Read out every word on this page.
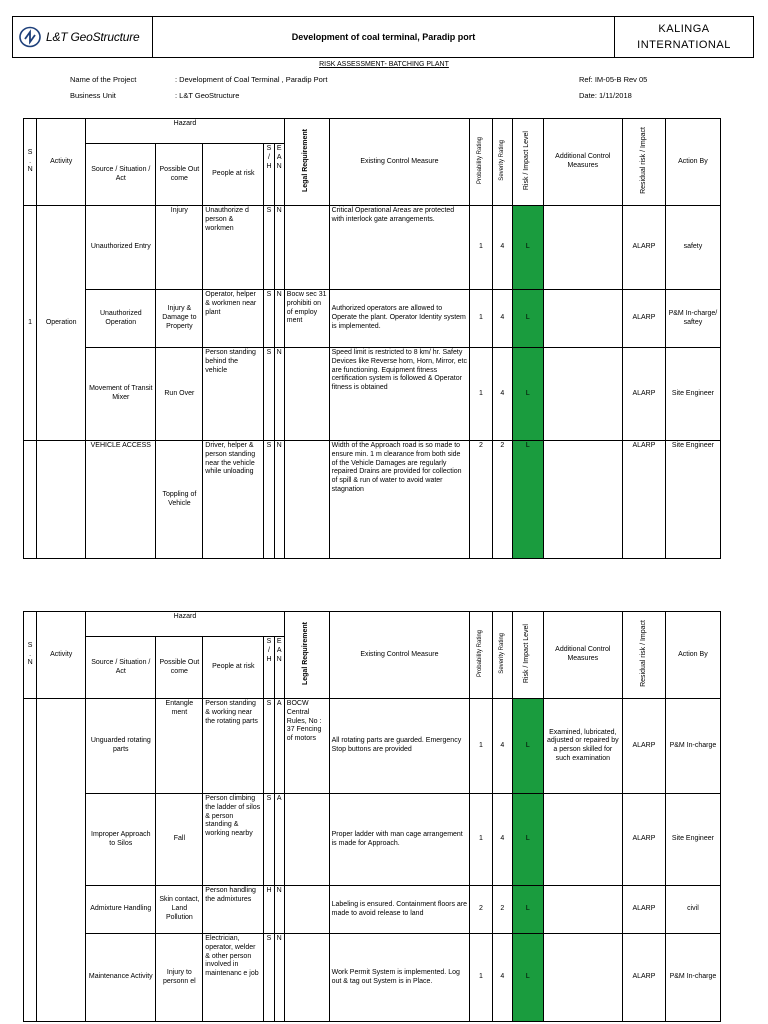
L&T GeoStructure	Development of coal terminal, Paradip port
KALINGA
INTERNATIONAL
RISK ASSESSMENT- BATCHING PLANT
Name of the Project	: Development of Coal Terminal , Paradip Port
Business Unit	: L&T GeoStructure
Ref: IM-05-B Rev 05
Date: 1/11/2018
S . N	Activity	Hazard					Legal Requirement	Existing Control Measure	Probability Rating	Severity Rating	Risk / Impact Level	Additional Control Measures	Residual risk / Impact	Action By
		Source / Situation / Act	Possible Out come	People at risk	S / H	E A N								
1	Operation	Unauthorized Entry	Injury	Unauthorize d person & workmen	S	N		Critical Operational Areas are protected with interlock gate arrangements.	1	4	L		ALARP	safety
		Unauthorized Operation	Injury & Damage to Property	Operator, helper & workmen near plant	S	N	Bocw sec 31 prohibiti on of employ ment	Authorized operators are allowed to Operate the plant. Operator Identity system is implemented.	1	4	L		ALARP	P&M In-charge/ saftey
		Movement of Transit Mixer	Run Over	Person standing behind the vehicle	S	N		Speed limit is restricted to 8 km/ hr. Safety Devices like Reverse horn, Horn, Mirror, etc are functioning. Equipment fitness certification system is followed & Operator fitness is obtained	1	4	L		ALARP	Site Engineer
		VEHICLE ACCESS	Toppling of Vehicle	Driver, helper & person standing near the vehicle while unloading	S	N		Width of the Approach road is so made to ensure min. 1 m clearance from both side of the Vehicle Damages are regularly repaired Drains are provided for collection of spill & run of water to avoid water stagnation	2	2	L		ALARP	Site Engineer
S . N	Activity	Hazard					Legal Requirement	Existing Control Measure	Probability Rating	Severity Rating	Risk / Impact Level	Additional Control Measures	Residual risk / Impact	Action By
		Source / Situation / Act	Possible Out come	People at risk	S / H	E A N								
		Unguarded rotating parts	Entangle ment	Person standing & working near the rotating parts	S	A	BOCW Central Rules, No : 37 Fencing of motors	All rotating parts are guarded. Emergency Stop buttons are provided	1	4	L	Examined, lubricated, adjusted or repaired by a person skilled for such examination	ALARP	P&M In-charge
		Improper Approach to Silos	Fall	Person climbing the ladder of silos & person standing & working nearby	S	A		Proper ladder with man cage arrangement is made for Approach.	1	4	L		ALARP	Site Engineer
		Admixture Handling	Skin contact, Land Pollution	Person handling the admixtures	H	N		Labeling is ensured. Containment floors are made to avoid release to land	2	2	L		ALARP	civil
		Maintenance Activity	Injury to personn el	Electrician, operator, welder & other person involved in maintenanc e job	S	N		Work Permit System is implemented. Log out & tag out System is in Place.	1	4	L		ALARP	P&M In-charge
